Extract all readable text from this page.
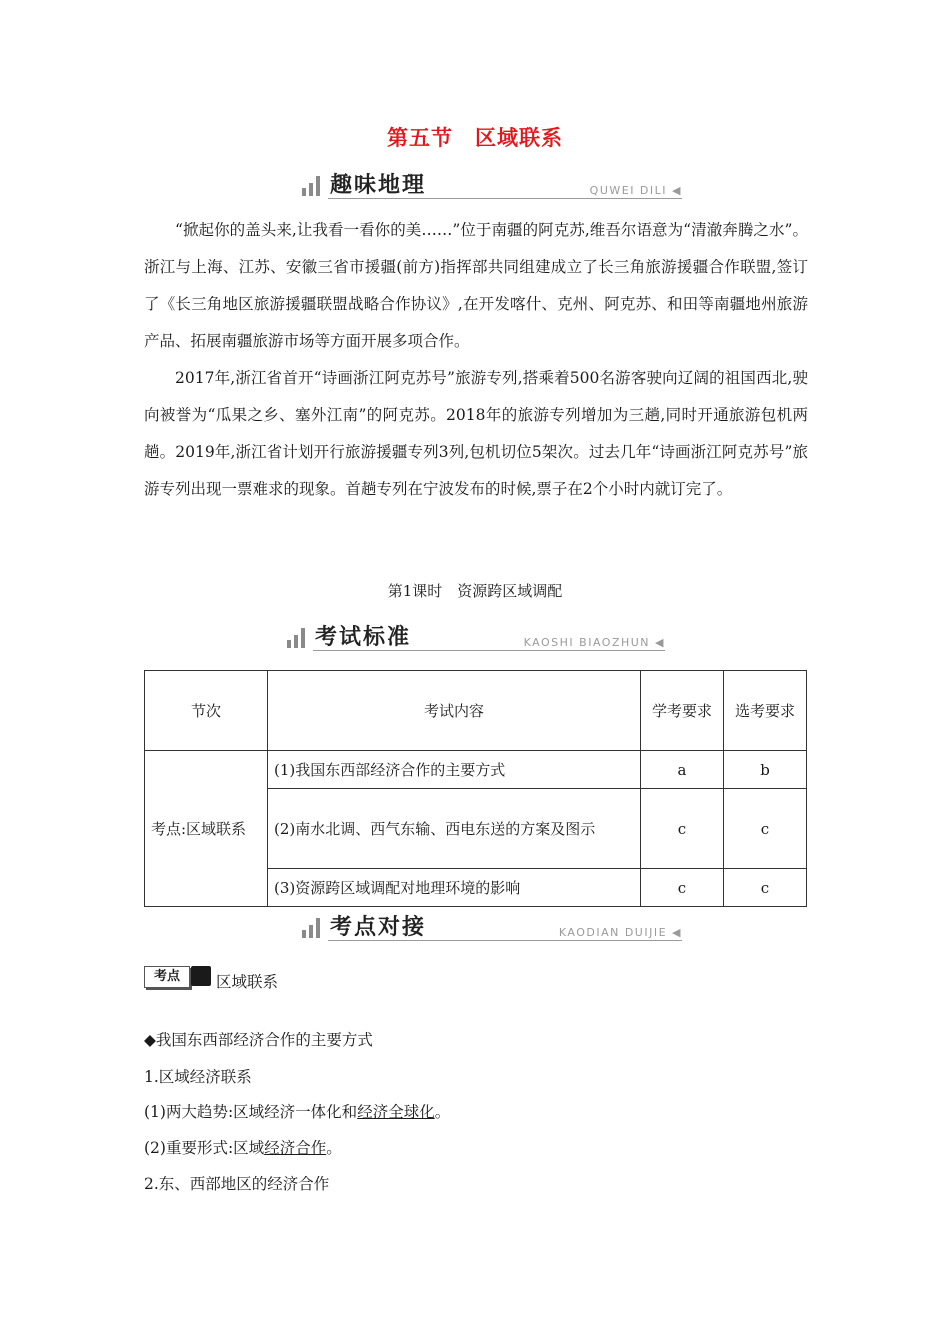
第五节　区域联系
趣味地理	QUWEI DILI ◀

“掀起你的盖头来,让我看一看你的美……”位于南疆的阿克苏,维吾尔语意为“清澈奔腾之水”。 浙江与上海、江苏、安徽三省市援疆(前方)指挥部共同组建成立了长三角旅游援疆合作联盟,签订了《长三角地区旅游援疆联盟战略合作协议》,在开发喀什、克州、阿克苏、和田等南疆地州旅游产品、拓展南疆旅游市场等方面开展多项合作。

2017年,浙江省首开“诗画浙江阿克苏号”旅游专列,搭乘着500名游客驶向辽阔的祖国西北,驶向被誉为“瓜果之乡、塞外江南”的阿克苏。2018年的旅游专列增加为三趟,同时开通旅游包机两趟。2019年,浙江省计划开行旅游援疆专列3列,包机切位5架次。过去几年“诗画浙江阿克苏号”旅游专列出现一票难求的现象。首趟专列在宁波发布的时候,票子在2个小时内就订完了。

第1课时　资源跨区域调配
考试标准	KAOSHI BIAOZHUN ◀
节次	考试内容	学考要求	选考要求
考点:区域联系	(1)我国东西部经济合作的主要方式	a	b
	(2)南水北调、西气东输、西电东送的方案及图示	c	c
	(3)资源跨区域调配对地理环境的影响	c	c
考点对接	KAODIAN DUIJIE ◀
考点	区域联系
◆我国东西部经济合作的主要方式
1.区域经济联系
(1)两大趋势:区域经济一体化和经济全球化。
(2)重要形式:区域经济合作。
2.东、西部地区的经济合作
